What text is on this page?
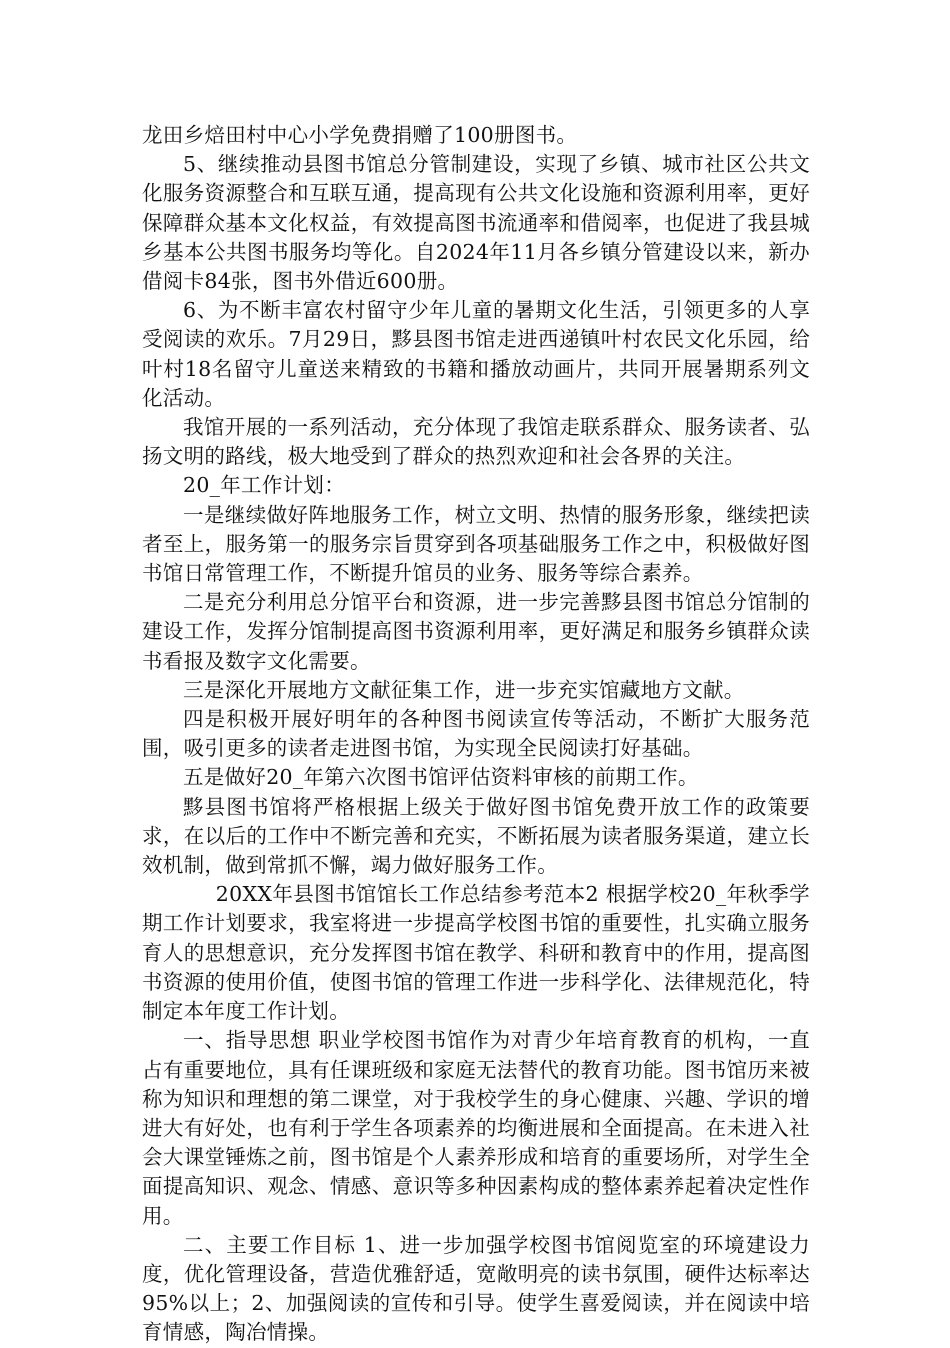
龙田乡焙田村中心小学免费捐赠了100册图书。

5、继续推动县图书馆总分管制建设，实现了乡镇、城市社区公共文化服务资源整合和互联互通，提高现有公共文化设施和资源利用率，更好保障群众基本文化权益，有效提高图书流通率和借阅率，也促进了我县城乡基本公共图书服务均等化。自2024年11月各乡镇分管建设以来，新办借阅卡84张，图书外借近600册。

6、为不断丰富农村留守少年儿童的暑期文化生活，引领更多的人享受阅读的欢乐。7月29日，黟县图书馆走进西递镇叶村农民文化乐园，给叶村18名留守儿童送来精致的书籍和播放动画片，共同开展暑期系列文化活动。

我馆开展的一系列活动，充分体现了我馆走联系群众、服务读者、弘扬文明的路线，极大地受到了群众的热烈欢迎和社会各界的关注。

20_年工作计划：

一是继续做好阵地服务工作，树立文明、热情的服务形象，继续把读者至上，服务第一的服务宗旨贯穿到各项基础服务工作之中，积极做好图书馆日常管理工作，不断提升馆员的业务、服务等综合素养。

二是充分利用总分馆平台和资源，进一步完善黟县图书馆总分馆制的建设工作，发挥分馆制提高图书资源利用率，更好满足和服务乡镇群众读书看报及数字文化需要。

三是深化开展地方文献征集工作，进一步充实馆藏地方文献。

四是积极开展好明年的各种图书阅读宣传等活动，不断扩大服务范围，吸引更多的读者走进图书馆，为实现全民阅读打好基础。

五是做好20_年第六次图书馆评估资料审核的前期工作。

黟县图书馆将严格根据上级关于做好图书馆免费开放工作的政策要求，在以后的工作中不断完善和充实，不断拓展为读者服务渠道，建立长效机制，做到常抓不懈，竭力做好服务工作。

20XX年县图书馆馆长工作总结参考范本2 根据学校20_年秋季学期工作计划要求，我室将进一步提高学校图书馆的重要性，扎实确立服务育人的思想意识，充分发挥图书馆在教学、科研和教育中的作用，提高图书资源的使用价值，使图书馆的管理工作进一步科学化、法律规范化，特制定本年度工作计划。

一、指导思想 职业学校图书馆作为对青少年培育教育的机构，一直占有重要地位，具有任课班级和家庭无法替代的教育功能。图书馆历来被称为知识和理想的第二课堂，对于我校学生的身心健康、兴趣、学识的增进大有好处，也有利于学生各项素养的均衡进展和全面提高。在未进入社会大课堂锤炼之前，图书馆是个人素养形成和培育的重要场所，对学生全面提高知识、观念、情感、意识等多种因素构成的整体素养起着决定性作用。

二、主要工作目标 1、进一步加强学校图书馆阅览室的环境建设力度，优化管理设备，营造优雅舒适，宽敞明亮的读书氛围，硬件达标率达95%以上；2、加强阅读的宣传和引导。使学生喜爱阅读，并在阅读中培育情感，陶冶情操。
